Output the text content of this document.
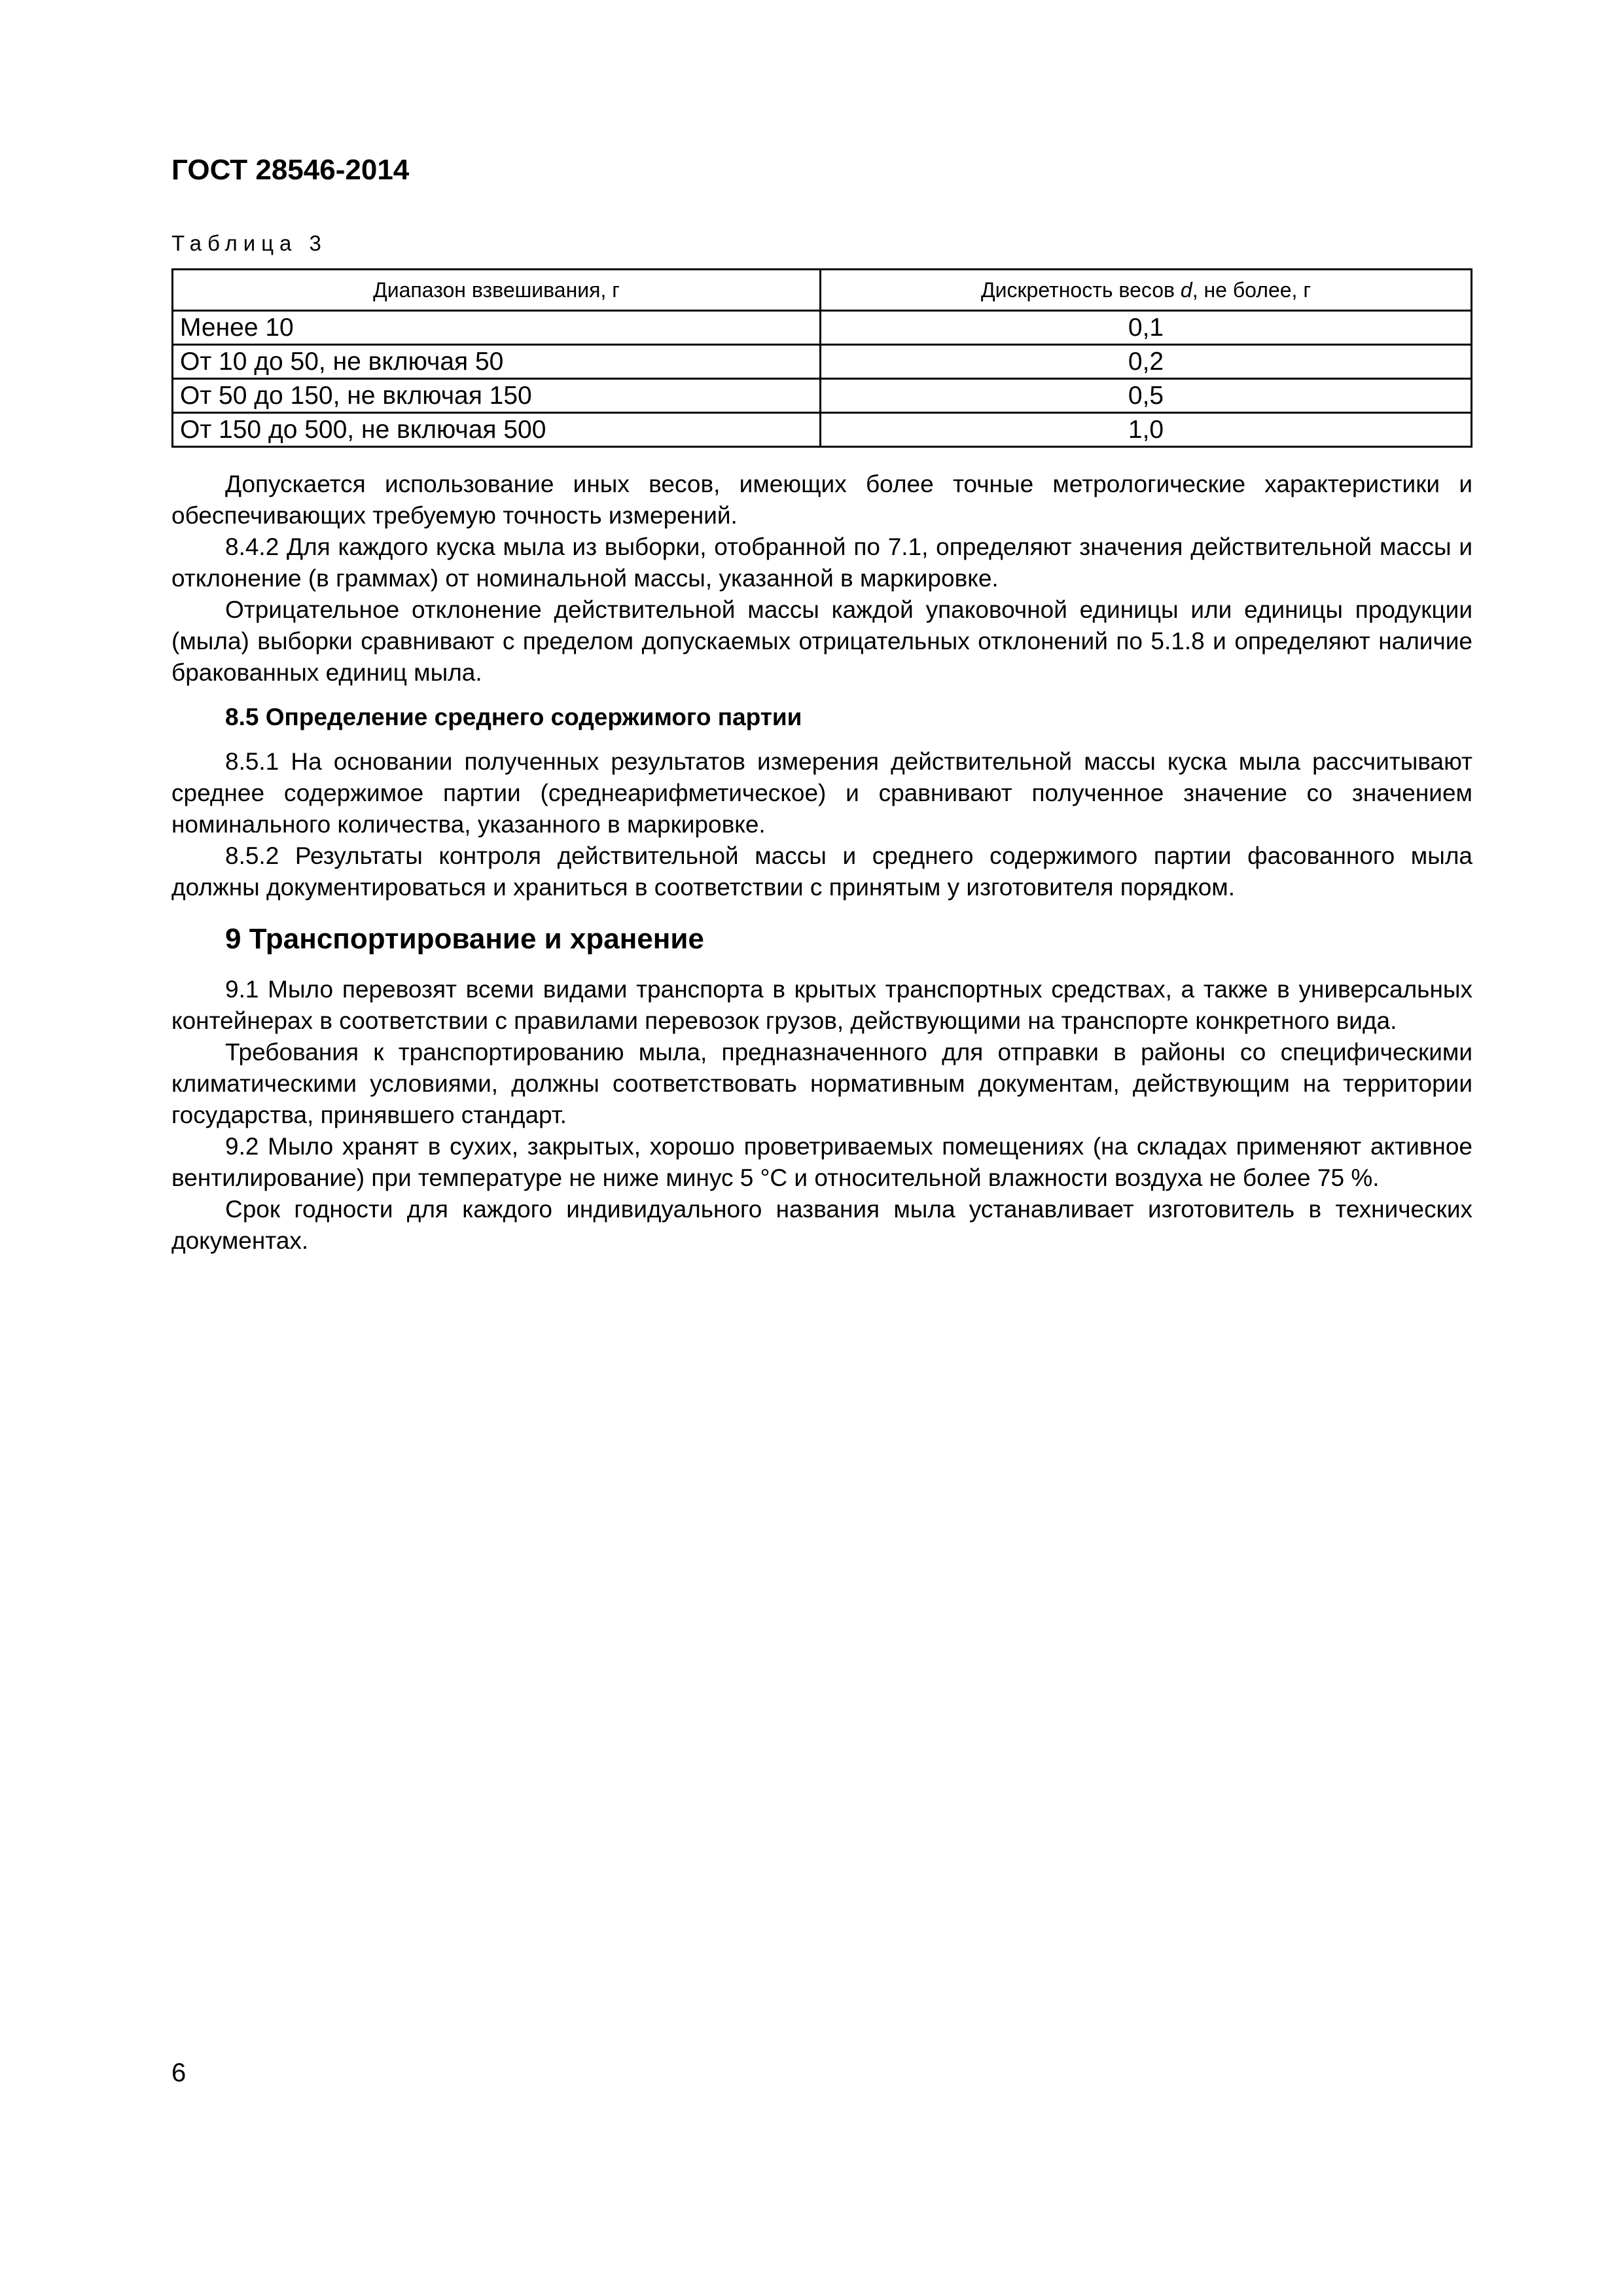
ГОСТ 28546-2014
Таблица 3
Диапазон взвешивания, г	Дискретность весов d, не более, г
Менее 10	0,1
От 10 до 50, не включая 50	0,2
От 50 до 150, не включая 150	0,5
От 150 до 500, не включая 500	1,0

Допускается использование иных весов, имеющих более точные метрологические характеристики и обеспечивающих требуемую точность измерений.

8.4.2 Для каждого куска мыла из выборки, отобранной по 7.1, определяют значения действительной массы и отклонение (в граммах) от номинальной массы, указанной в маркировке.

Отрицательное отклонение действительной массы каждой упаковочной единицы или единицы продукции (мыла) выборки сравнивают с пределом допускаемых отрицательных отклонений по 5.1.8 и определяют наличие бракованных единиц мыла.

8.5 Определение среднего содержимого партии

8.5.1 На основании полученных результатов измерения действительной массы куска мыла рассчитывают среднее содержимое партии (среднеарифметическое) и сравнивают полученное значение со значением номинального количества, указанного в маркировке.

8.5.2 Результаты контроля действительной массы и среднего содержимого партии фасованного мыла должны документироваться и храниться в соответствии с принятым у изготовителя порядком.

9 Транспортирование и хранение

9.1 Мыло перевозят всеми видами транспорта в крытых транспортных средствах, а также в универсальных контейнерах в соответствии с правилами перевозок грузов, действующими на транспорте конкретного вида.

Требования к транспортированию мыла, предназначенного для отправки в районы со специфическими климатическими условиями, должны соответствовать нормативным документам, действующим на территории государства, принявшего стандарт.

9.2 Мыло хранят в сухих, закрытых, хорошо проветриваемых помещениях (на складах применяют активное вентилирование) при температуре не ниже минус 5 °С и относительной влажности воздуха не более 75 %.

Срок годности для каждого индивидуального названия мыла устанавливает изготовитель в технических документах.

6
